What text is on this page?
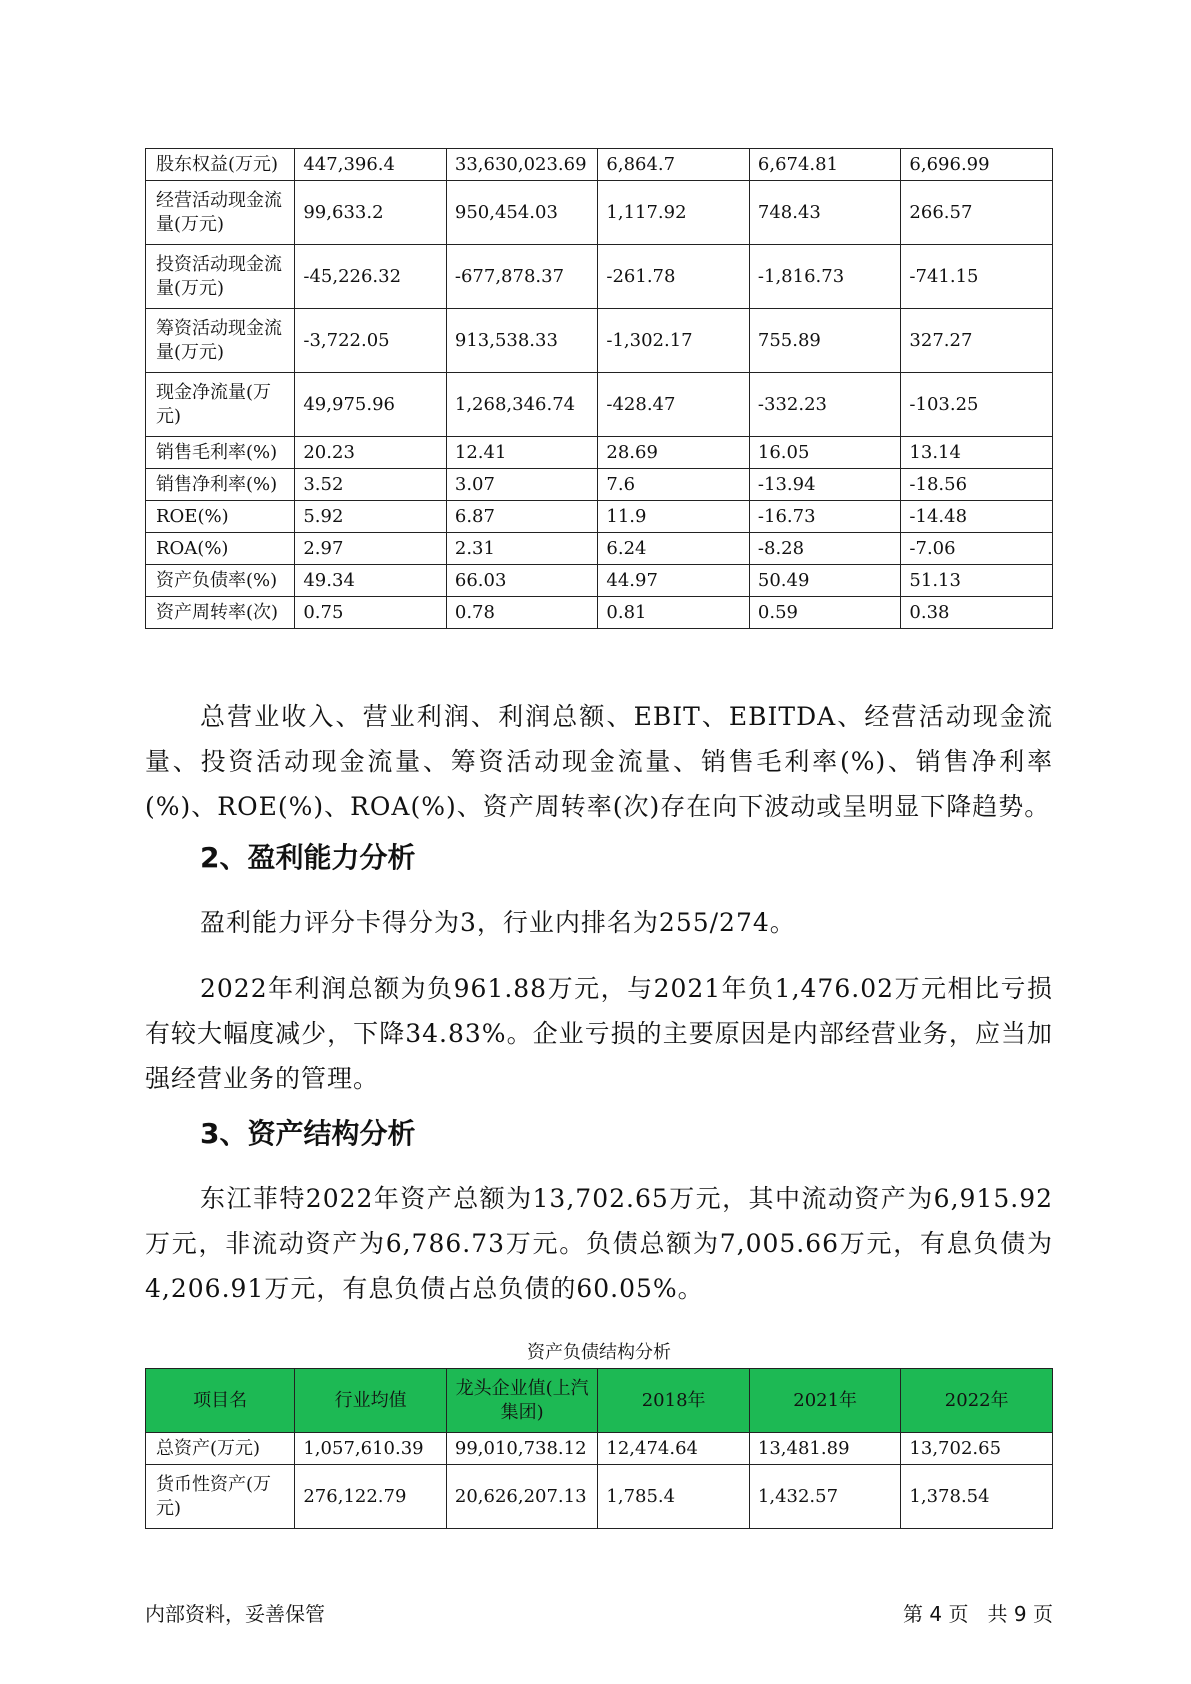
股东权益(万元)	447,396.4	33,630,023.69	6,864.7	6,674.81	6,696.99
经营活动现金流量(万元)	99,633.2	950,454.03	1,117.92	748.43	266.57
投资活动现金流量(万元)	-45,226.32	-677,878.37	-261.78	-1,816.73	-741.15
筹资活动现金流量(万元)	-3,722.05	913,538.33	-1,302.17	755.89	327.27
现金净流量(万元)	49,975.96	1,268,346.74	-428.47	-332.23	-103.25
销售毛利率(%)	20.23	12.41	28.69	16.05	13.14
销售净利率(%)	3.52	3.07	7.6	-13.94	-18.56
ROE(%)	5.92	6.87	11.9	-16.73	-14.48
ROA(%)	2.97	2.31	6.24	-8.28	-7.06
资产负债率(%)	49.34	66.03	44.97	50.49	51.13
资产周转率(次)	0.75	0.78	0.81	0.59	0.38

总营业收入、营业利润、利润总额、EBIT、EBITDA、经营活动现金流量、投资活动现金流量、筹资活动现金流量、销售毛利率(%)、销售净利率(%)、ROE(%)、ROA(%)、资产周转率(次)存在向下波动或呈明显下降趋势。

2、盈利能力分析

盈利能力评分卡得分为3，行业内排名为255/274。

2022年利润总额为负961.88万元，与2021年负1,476.02万元相比亏损有较大幅度减少，下降34.83%。企业亏损的主要原因是内部经营业务，应当加强经营业务的管理。

3、资产结构分析

东江菲特2022年资产总额为13,702.65万元，其中流动资产为6,915.92万元，非流动资产为6,786.73万元。负债总额为7,005.66万元，有息负债为4,206.91万元，有息负债占总负债的60.05%。

资产负债结构分析

项目名	行业均值	龙头企业值(上汽集团)	2018年	2021年	2022年
总资产(万元)	1,057,610.39	99,010,738.12	12,474.64	13,481.89	13,702.65
货币性资产(万元)	276,122.79	20,626,207.13	1,785.4	1,432.57	1,378.54
内部资料，妥善保管	第 4 页   共 9 页
